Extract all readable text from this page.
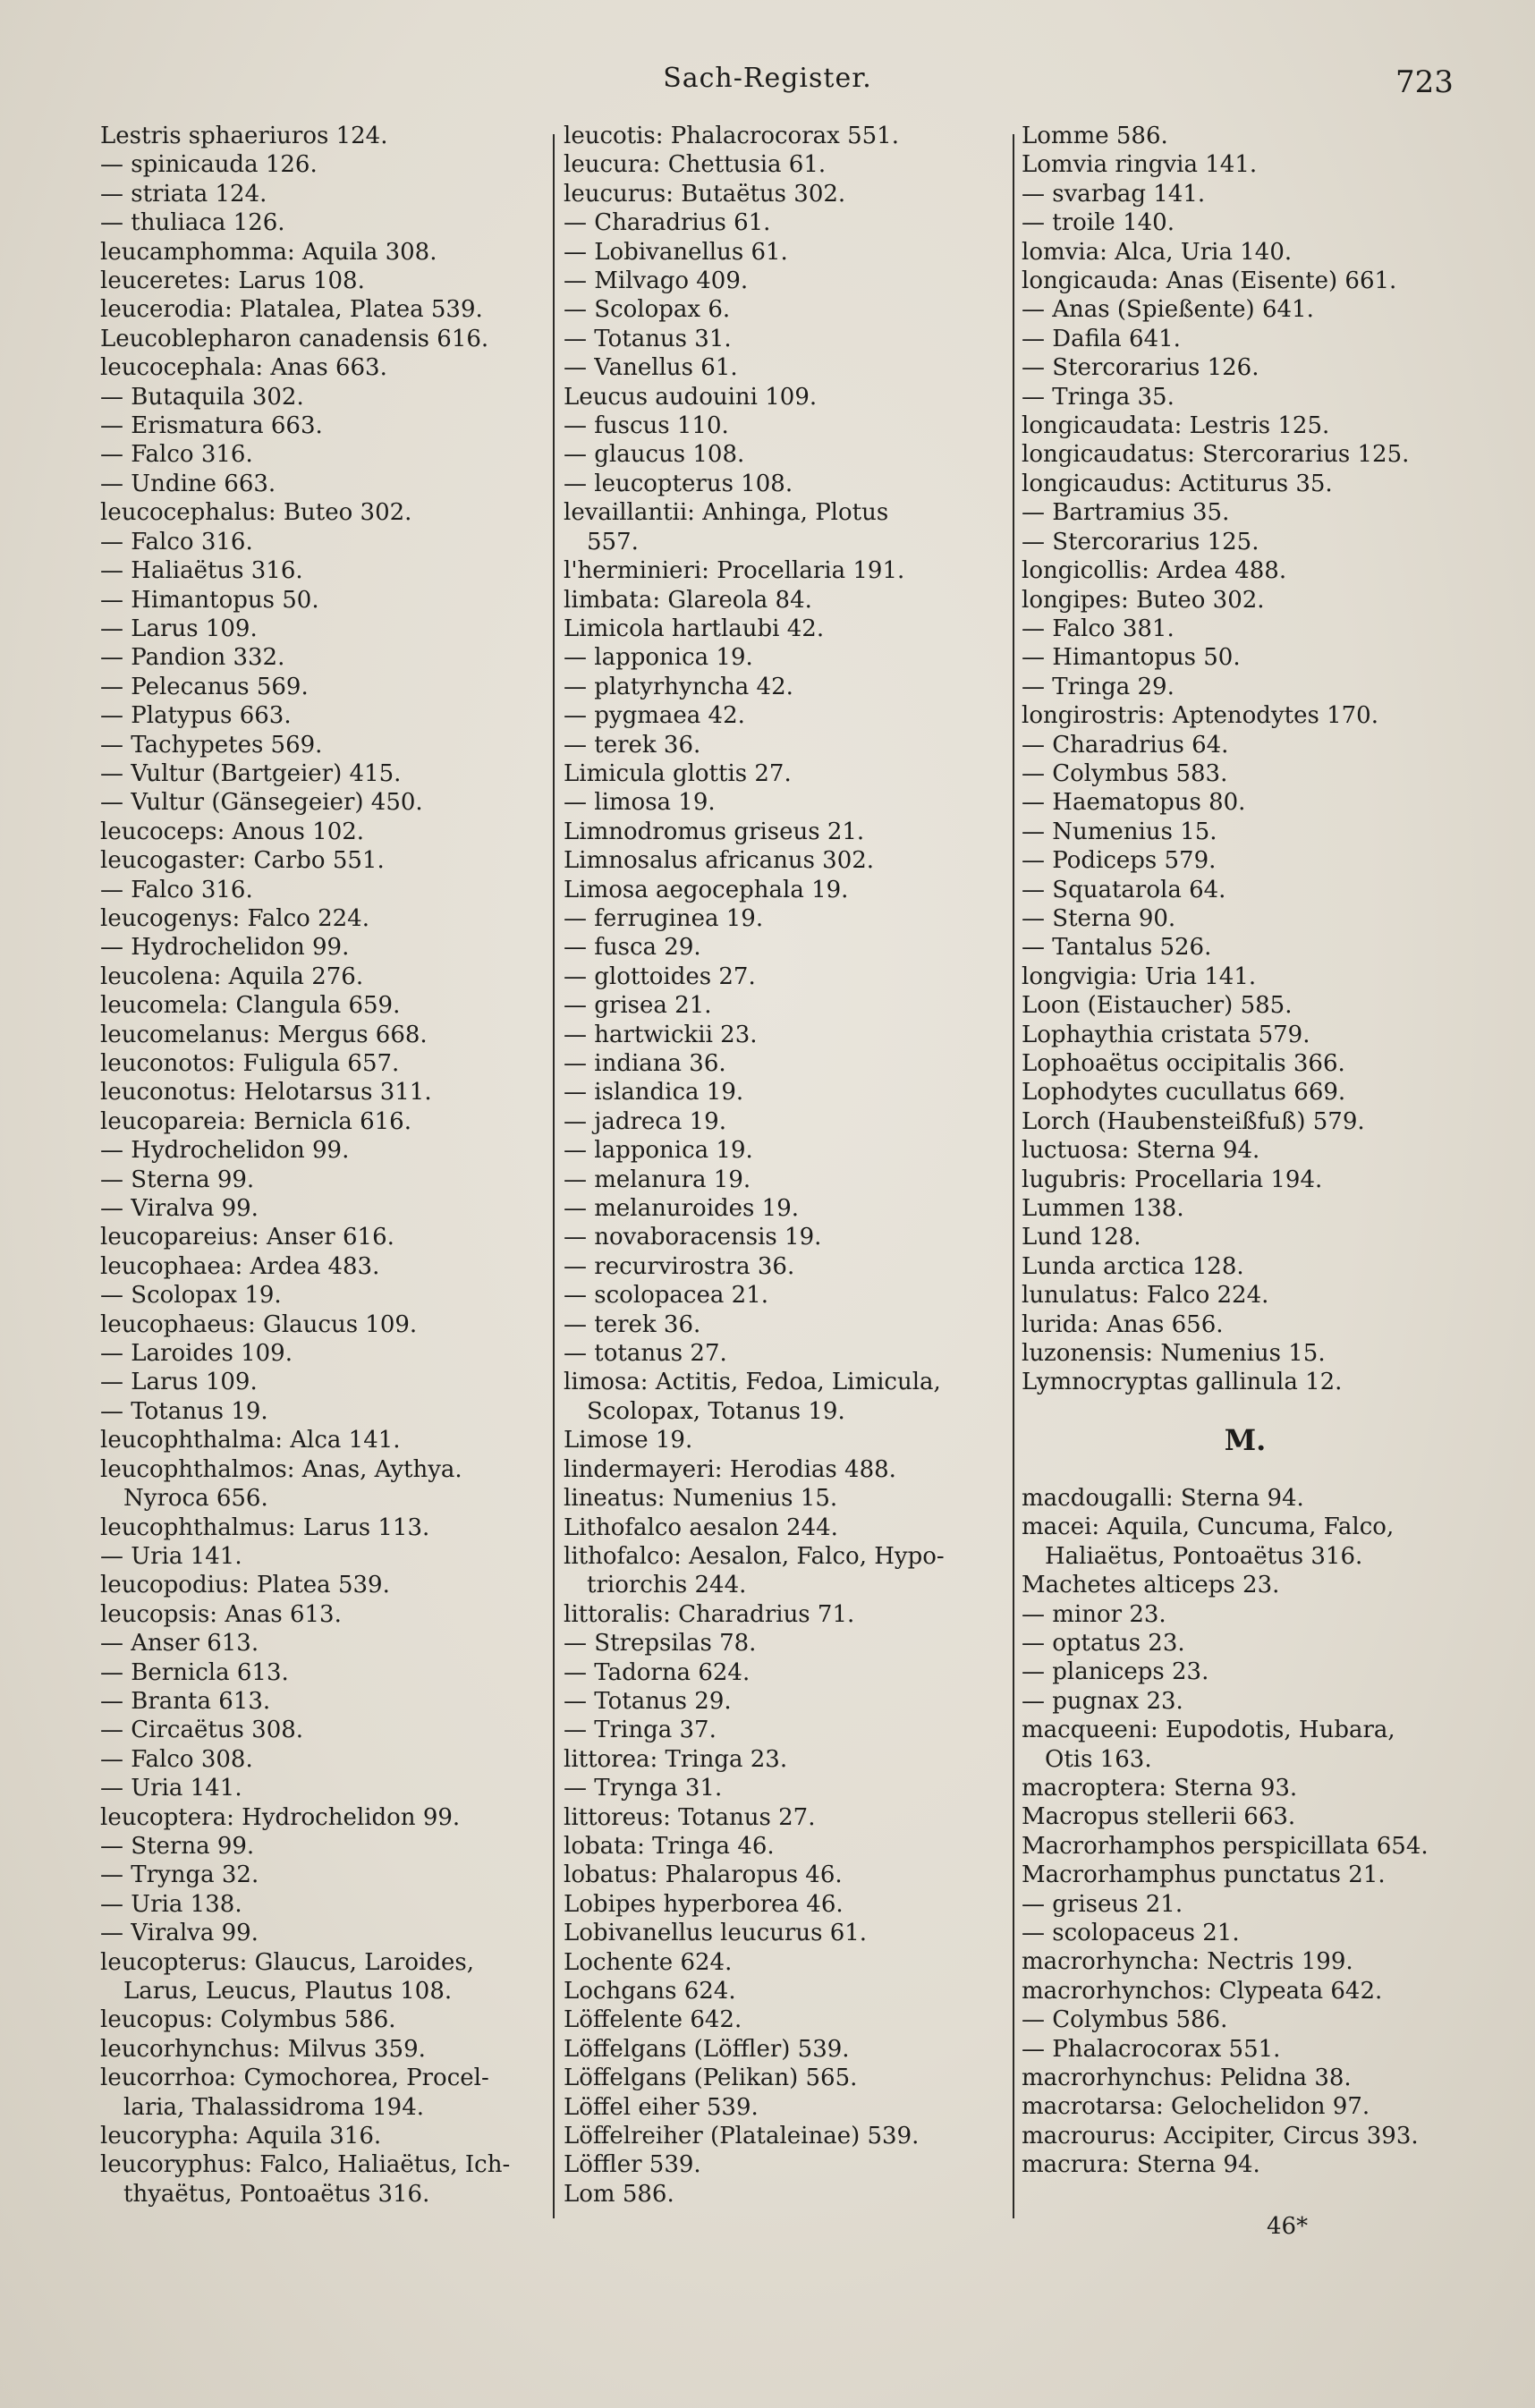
Sach-Register.	723
Lestris sphaeriuros 124.
— spinicauda 126.
— striata 124.
— thuliaca 126.
leucamphomma: Aquila 308.
leuceretes: Larus 108.
leucerodia: Platalea, Platea 539.
Leucoblepharon canadensis 616.
leucocephala: Anas 663.
— Butaquila 302.
— Erismatura 663.
— Falco 316.
— Undine 663.
leucocephalus: Buteo 302.
— Falco 316.
— Haliaëtus 316.
— Himantopus 50.
— Larus 109.
— Pandion 332.
— Pelecanus 569.
— Platypus 663.
— Tachypetes 569.
— Vultur (Bartgeier) 415.
— Vultur (Gänsegeier) 450.
leucoceps: Anous 102.
leucogaster: Carbo 551.
— Falco 316.
leucogenys: Falco 224.
— Hydrochelidon 99.
leucolena: Aquila 276.
leucomela: Clangula 659.
leucomelanus: Mergus 668.
leuconotos: Fuligula 657.
leuconotus: Helotarsus 311.
leucopareia: Bernicla 616.
— Hydrochelidon 99.
— Sterna 99.
— Viralva 99.
leucopareius: Anser 616.
leucophaea: Ardea 483.
— Scolopax 19.
leucophaeus: Glaucus 109.
— Laroides 109.
— Larus 109.
— Totanus 19.
leucophthalma: Alca 141.
leucophthalmos: Anas, Aythya.
Nyroca 656.
leucophthalmus: Larus 113.
— Uria 141.
leucopodius: Platea 539.
leucopsis: Anas 613.
— Anser 613.
— Bernicla 613.
— Branta 613.
— Circaëtus 308.
— Falco 308.
— Uria 141.
leucoptera: Hydrochelidon 99.
— Sterna 99.
— Trynga 32.
— Uria 138.
— Viralva 99.
leucopterus: Glaucus, Laroides,
Larus, Leucus, Plautus 108.
leucopus: Colymbus 586.
leucorhynchus: Milvus 359.
leucorrhoa: Cymochorea, Procel-
laria, Thalassidroma 194.
leucorypha: Aquila 316.
leucoryphus: Falco, Haliaëtus, Ich-
thyaëtus, Pontoaëtus 316.
leucotis: Phalacrocorax 551.
leucura: Chettusia 61.
leucurus: Butaëtus 302.
— Charadrius 61.
— Lobivanellus 61.
— Milvago 409.
— Scolopax 6.
— Totanus 31.
— Vanellus 61.
Leucus audouini 109.
— fuscus 110.
— glaucus 108.
— leucopterus 108.
levaillantii: Anhinga, Plotus
557.
l'herminieri: Procellaria 191.
limbata: Glareola 84.
Limicola hartlaubi 42.
— lapponica 19.
— platyrhyncha 42.
— pygmaea 42.
— terek 36.
Limicula glottis 27.
— limosa 19.
Limnodromus griseus 21.
Limnosalus africanus 302.
Limosa aegocephala 19.
— ferruginea 19.
— fusca 29.
— glottoides 27.
— grisea 21.
— hartwickii 23.
— indiana 36.
— islandica 19.
— jadreca 19.
— lapponica 19.
— melanura 19.
— melanuroides 19.
— novaboracensis 19.
— recurvirostra 36.
— scolopacea 21.
— terek 36.
— totanus 27.
limosa: Actitis, Fedoa, Limicula,
Scolopax, Totanus 19.
Limose 19.
lindermayeri: Herodias 488.
lineatus: Numenius 15.
Lithofalco aesalon 244.
lithofalco: Aesalon, Falco, Hypo-
triorchis 244.
littoralis: Charadrius 71.
— Strepsilas 78.
— Tadorna 624.
— Totanus 29.
— Tringa 37.
littorea: Tringa 23.
— Trynga 31.
littoreus: Totanus 27.
lobata: Tringa 46.
lobatus: Phalaropus 46.
Lobipes hyperborea 46.
Lobivanellus leucurus 61.
Lochente 624.
Lochgans 624.
Löffelente 642.
Löffelgans (Löffler) 539.
Löffelgans (Pelikan) 565.
Löffel eiher 539.
Löffelreiher (Plataleinae) 539.
Löffler 539.
Lom 586.
Lomme 586.
Lomvia ringvia 141.
— svarbag 141.
— troile 140.
lomvia: Alca, Uria 140.
longicauda: Anas (Eisente) 661.
— Anas (Spießente) 641.
— Dafila 641.
— Stercorarius 126.
— Tringa 35.
longicaudata: Lestris 125.
longicaudatus: Stercorarius 125.
longicaudus: Actiturus 35.
— Bartramius 35.
— Stercorarius 125.
longicollis: Ardea 488.
longipes: Buteo 302.
— Falco 381.
— Himantopus 50.
— Tringa 29.
longirostris: Aptenodytes 170.
— Charadrius 64.
— Colymbus 583.
— Haematopus 80.
— Numenius 15.
— Podiceps 579.
— Squatarola 64.
— Sterna 90.
— Tantalus 526.
longvigia: Uria 141.
Loon (Eistaucher) 585.
Lophaythia cristata 579.
Lophoaëtus occipitalis 366.
Lophodytes cucullatus 669.
Lorch (Haubensteißfuß) 579.
luctuosa: Sterna 94.
lugubris: Procellaria 194.
Lummen 138.
Lund 128.
Lunda arctica 128.
lunulatus: Falco 224.
lurida: Anas 656.
luzonensis: Numenius 15.
Lymnocryptas gallinula 12.
M.
macdougalli: Sterna 94.
macei: Aquila, Cuncuma, Falco,
Haliaëtus, Pontoaëtus 316.
Machetes alticeps 23.
— minor 23.
— optatus 23.
— planiceps 23.
— pugnax 23.
macqueeni: Eupodotis, Hubara,
Otis 163.
macroptera: Sterna 93.
Macropus stellerii 663.
Macrorhamphos perspicillata 654.
Macrorhamphus punctatus 21.
— griseus 21.
— scolopaceus 21.
macrorhyncha: Nectris 199.
macrorhynchos: Clypeata 642.
— Colymbus 586.
— Phalacrocorax 551.
macrorhynchus: Pelidna 38.
macrotarsa: Gelochelidon 97.
macrourus: Accipiter, Circus 393.
macrura: Sterna 94.
46*
